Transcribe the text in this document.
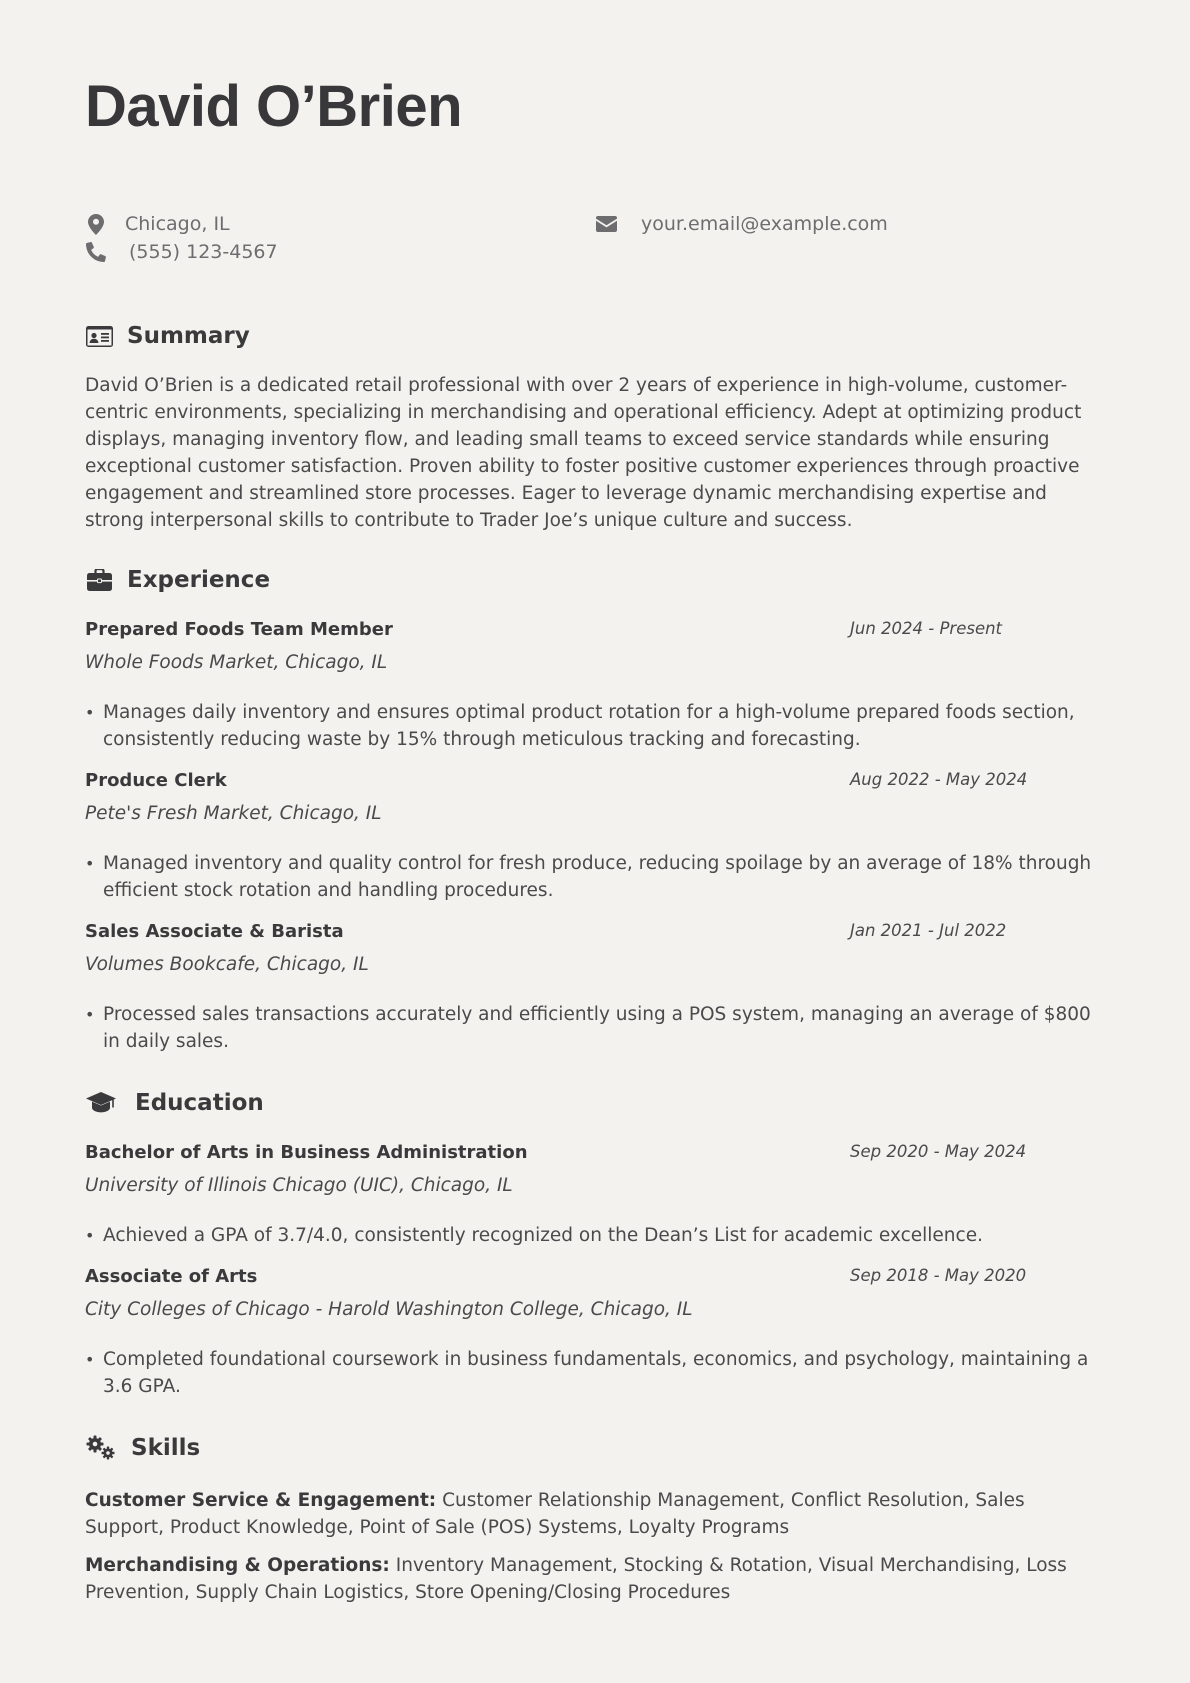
David O’Brien
Chicago, IL
(555) 123-4567
your.email@example.com
Summary

David O’Brien is a dedicated retail professional with over 2 years of experience in high-volume, customer-centric environments, specializing in merchandising and operational efficiency. Adept at optimizing product displays, managing inventory flow, and leading small teams to exceed service standards while ensuring exceptional customer satisfaction. Proven ability to foster positive customer experiences through proactive engagement and streamlined store processes. Eager to leverage dynamic merchandising expertise and strong interpersonal skills to contribute to Trader Joe’s unique culture and success.

Experience
Prepared Foods Team Member	Jun 2024 - Present
Whole Foods Market, Chicago, IL
• Manages daily inventory and ensures optimal product rotation for a high-volume prepared foods section, consistently reducing waste by 15% through meticulous tracking and forecasting.
Produce Clerk	Aug 2022 - May 2024
Pete's Fresh Market, Chicago, IL
• Managed inventory and quality control for fresh produce, reducing spoilage by an average of 18% through efficient stock rotation and handling procedures.
Sales Associate & Barista	Jan 2021 - Jul 2022
Volumes Bookcafe, Chicago, IL
• Processed sales transactions accurately and efficiently using a POS system, managing an average of $800 in daily sales.
Education
Bachelor of Arts in Business Administration	Sep 2020 - May 2024
University of Illinois Chicago (UIC), Chicago, IL
• Achieved a GPA of 3.7/4.0, consistently recognized on the Dean’s List for academic excellence.
Associate of Arts	Sep 2018 - May 2020
City Colleges of Chicago - Harold Washington College, Chicago, IL
• Completed foundational coursework in business fundamentals, economics, and psychology, maintaining a 3.6 GPA.
Skills
Customer Service & Engagement: Customer Relationship Management, Conflict Resolution, Sales Support, Product Knowledge, Point of Sale (POS) Systems, Loyalty Programs
Merchandising & Operations: Inventory Management, Stocking & Rotation, Visual Merchandising, Loss Prevention, Supply Chain Logistics, Store Opening/Closing Procedures
